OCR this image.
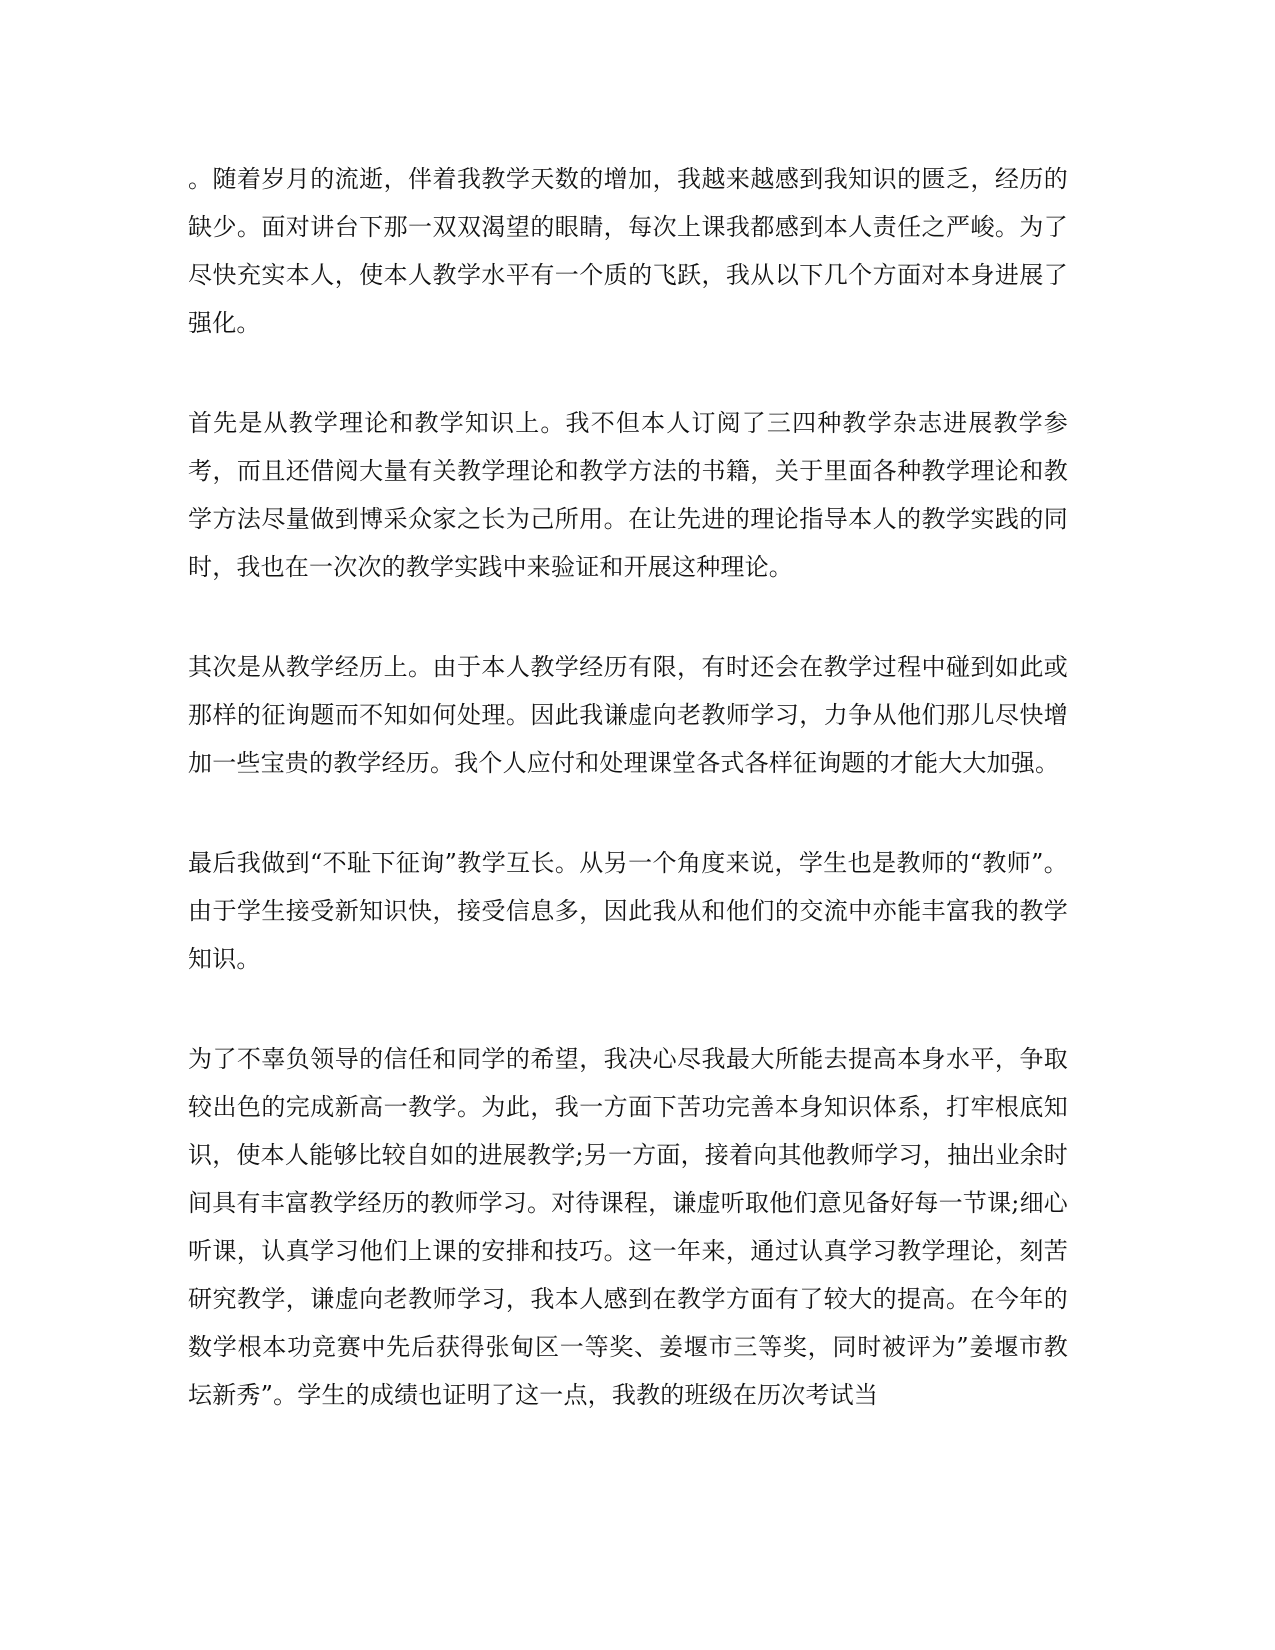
。随着岁月的流逝，伴着我教学天数的增加，我越来越感到我知识的匮乏，经历的缺少。面对讲台下那一双双渴望的眼睛，每次上课我都感到本人责任之严峻。为了尽快充实本人，使本人教学水平有一个质的飞跃，我从以下几个方面对本身进展了强化。

首先是从教学理论和教学知识上。我不但本人订阅了三四种教学杂志进展教学参考，而且还借阅大量有关教学理论和教学方法的书籍，关于里面各种教学理论和教学方法尽量做到博采众家之长为己所用。在让先进的理论指导本人的教学实践的同时，我也在一次次的教学实践中来验证和开展这种理论。

其次是从教学经历上。由于本人教学经历有限，有时还会在教学过程中碰到如此或那样的征询题而不知如何处理。因此我谦虚向老教师学习，力争从他们那儿尽快增加一些宝贵的教学经历。我个人应付和处理课堂各式各样征询题的才能大大加强。

最后我做到“不耻下征询”教学互长。从另一个角度来说，学生也是教师的“教师”。由于学生接受新知识快，接受信息多，因此我从和他们的交流中亦能丰富我的教学知识。

为了不辜负领导的信任和同学的希望，我决心尽我最大所能去提高本身水平，争取较出色的完成新高一教学。为此，我一方面下苦功完善本身知识体系，打牢根底知识，使本人能够比较自如的进展教学;另一方面，接着向其他教师学习，抽出业余时间具有丰富教学经历的教师学习。对待课程，谦虚听取他们意见备好每一节课;细心听课，认真学习他们上课的安排和技巧。这一年来，通过认真学习教学理论，刻苦研究教学，谦虚向老教师学习，我本人感到在教学方面有了较大的提高。在今年的数学根本功竞赛中先后获得张甸区一等奖、姜堰市三等奖，同时被评为”姜堰市教坛新秀”。学生的成绩也证明了这一点，我教的班级在历次考试当
